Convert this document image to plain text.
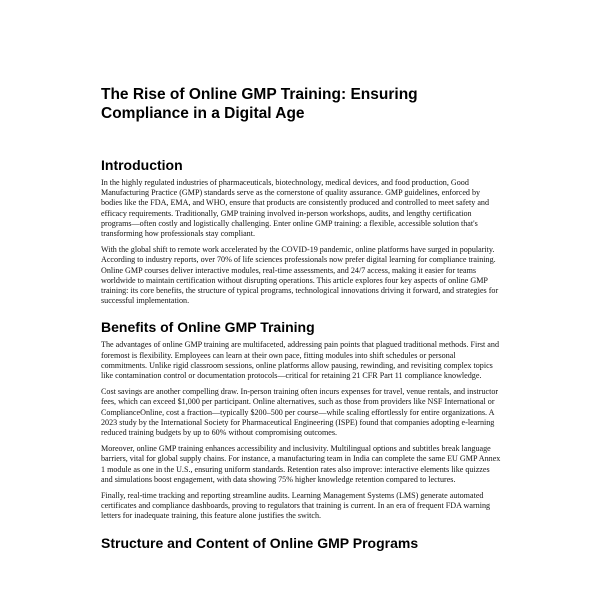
The Rise of Online GMP Training: Ensuring Compliance in a Digital Age
Introduction

In the highly regulated industries of pharmaceuticals, biotechnology, medical devices, and food production, Good Manufacturing Practice (GMP) standards serve as the cornerstone of quality assurance. GMP guidelines, enforced by bodies like the FDA, EMA, and WHO, ensure that products are consistently produced and controlled to meet safety and efficacy requirements. Traditionally, GMP training involved in-person workshops, audits, and lengthy certification programs—often costly and logistically challenging. Enter online GMP training: a flexible, accessible solution that's transforming how professionals stay compliant.

With the global shift to remote work accelerated by the COVID-19 pandemic, online platforms have surged in popularity. According to industry reports, over 70% of life sciences professionals now prefer digital learning for compliance training. Online GMP courses deliver interactive modules, real-time assessments, and 24/7 access, making it easier for teams worldwide to maintain certification without disrupting operations. This article explores four key aspects of online GMP training: its core benefits, the structure of typical programs, technological innovations driving it forward, and strategies for successful implementation.

Benefits of Online GMP Training

The advantages of online GMP training are multifaceted, addressing pain points that plagued traditional methods. First and foremost is flexibility. Employees can learn at their own pace, fitting modules into shift schedules or personal commitments. Unlike rigid classroom sessions, online platforms allow pausing, rewinding, and revisiting complex topics like contamination control or documentation protocols—critical for retaining 21 CFR Part 11 compliance knowledge.

Cost savings are another compelling draw. In-person training often incurs expenses for travel, venue rentals, and instructor fees, which can exceed $1,000 per participant. Online alternatives, such as those from providers like NSF International or ComplianceOnline, cost a fraction—typically $200–500 per course—while scaling effortlessly for entire organizations. A 2023 study by the International Society for Pharmaceutical Engineering (ISPE) found that companies adopting e-learning reduced training budgets by up to 60% without compromising outcomes.

Moreover, online GMP training enhances accessibility and inclusivity. Multilingual options and subtitles break language barriers, vital for global supply chains. For instance, a manufacturing team in India can complete the same EU GMP Annex 1 module as one in the U.S., ensuring uniform standards. Retention rates also improve: interactive elements like quizzes and simulations boost engagement, with data showing 75% higher knowledge retention compared to lectures.

Finally, real-time tracking and reporting streamline audits. Learning Management Systems (LMS) generate automated certificates and compliance dashboards, proving to regulators that training is current. In an era of frequent FDA warning letters for inadequate training, this feature alone justifies the switch.

Structure and Content of Online GMP Programs
